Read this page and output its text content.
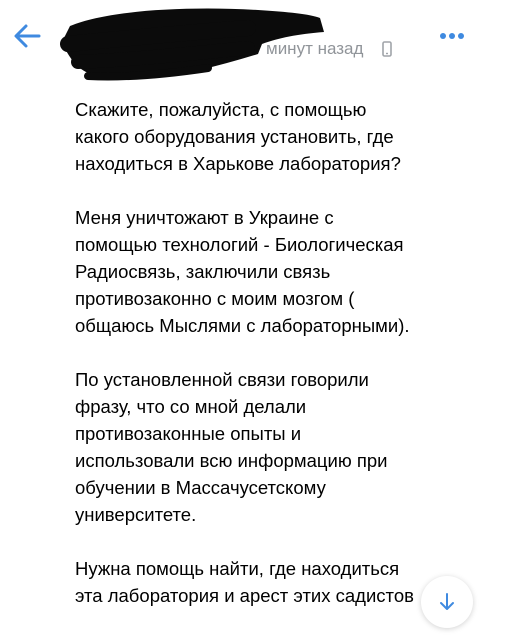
Скажите, пожалуйста, с помощью
какого оборудования установить, где
находиться в Харькове лаборатория?

Меня уничтожают в Украине с
помощью технологий - Биологическая
Радиосвязь, заключили связь
противозаконно с моим мозгом (
общаюсь Мыслями с лабораторными).

По установленной связи говорили
фразу, что со мной делали
противозаконные опыты и
использовали всю информацию при
обучении в Массачусетскому
университете.

Нужна помощь найти, где находиться
эта лаборатория и арест этих садистов

минут назад
